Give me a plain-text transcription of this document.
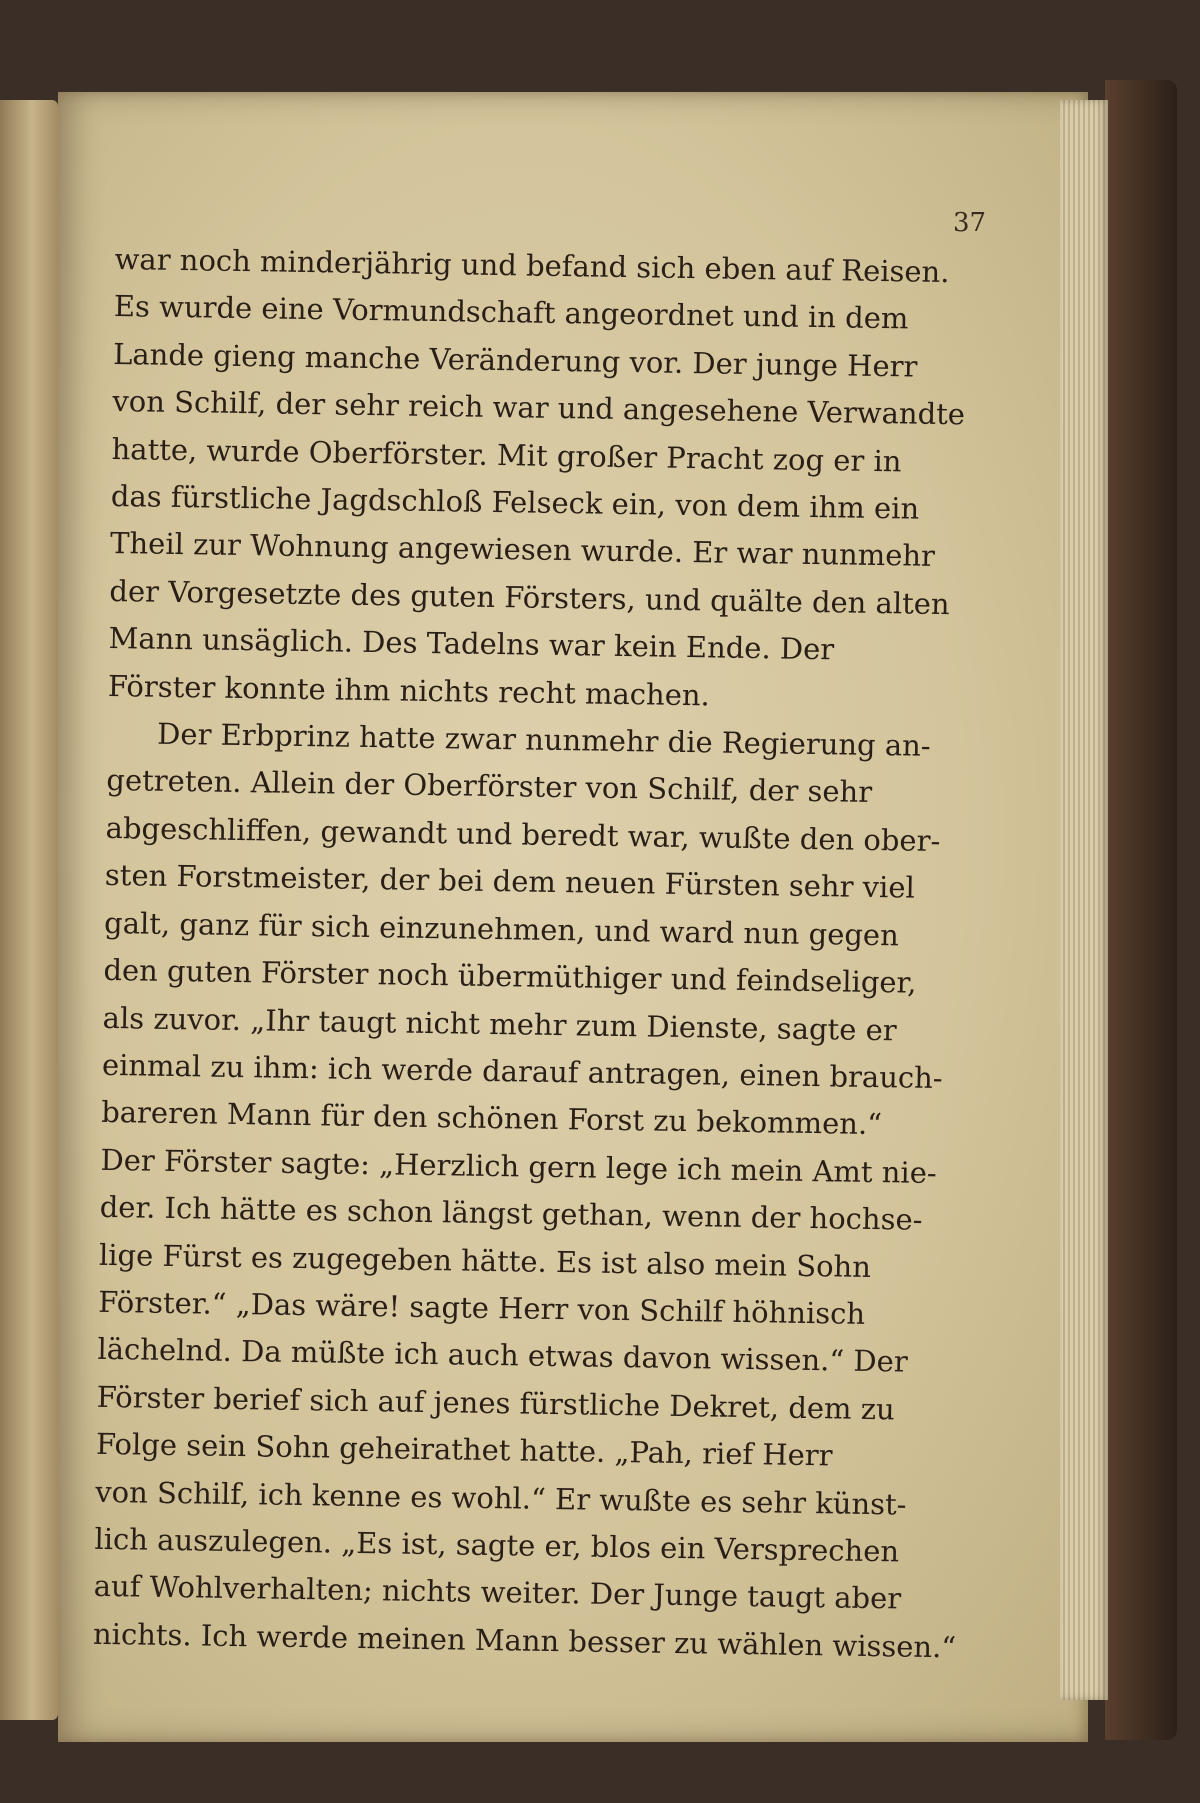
37
war noch minderjährig und befand sich eben auf Reisen.
Es wurde eine Vormundschaft angeordnet und in dem
Lande gieng manche Veränderung vor. Der junge Herr
von Schilf, der sehr reich war und angesehene Verwandte
hatte, wurde Oberförster. Mit großer Pracht zog er in
das fürstliche Jagdschloß Felseck ein, von dem ihm ein
Theil zur Wohnung angewiesen wurde. Er war nunmehr
der Vorgesetzte des guten Försters, und quälte den alten
Mann unsäglich. Des Tadelns war kein Ende. Der
Förster konnte ihm nichts recht machen.
Der Erbprinz hatte zwar nunmehr die Regierung an-
getreten. Allein der Oberförster von Schilf, der sehr
abgeschliffen, gewandt und beredt war, wußte den ober-
sten Forstmeister, der bei dem neuen Fürsten sehr viel
galt, ganz für sich einzunehmen, und ward nun gegen
den guten Förster noch übermüthiger und feindseliger,
als zuvor. „Ihr taugt nicht mehr zum Dienste, sagte er
einmal zu ihm: ich werde darauf antragen, einen brauch-
bareren Mann für den schönen Forst zu bekommen.“
Der Förster sagte: „Herzlich gern lege ich mein Amt nie-
der. Ich hätte es schon längst gethan, wenn der hochse-
lige Fürst es zugegeben hätte. Es ist also mein Sohn
Förster.“ „Das wäre! sagte Herr von Schilf höhnisch
lächelnd. Da müßte ich auch etwas davon wissen.“ Der
Förster berief sich auf jenes fürstliche Dekret, dem zu
Folge sein Sohn geheirathet hatte. „Pah, rief Herr
von Schilf, ich kenne es wohl.“ Er wußte es sehr künst-
lich auszulegen. „Es ist, sagte er, blos ein Versprechen
auf Wohlverhalten; nichts weiter. Der Junge taugt aber
nichts. Ich werde meinen Mann besser zu wählen wissen.“
